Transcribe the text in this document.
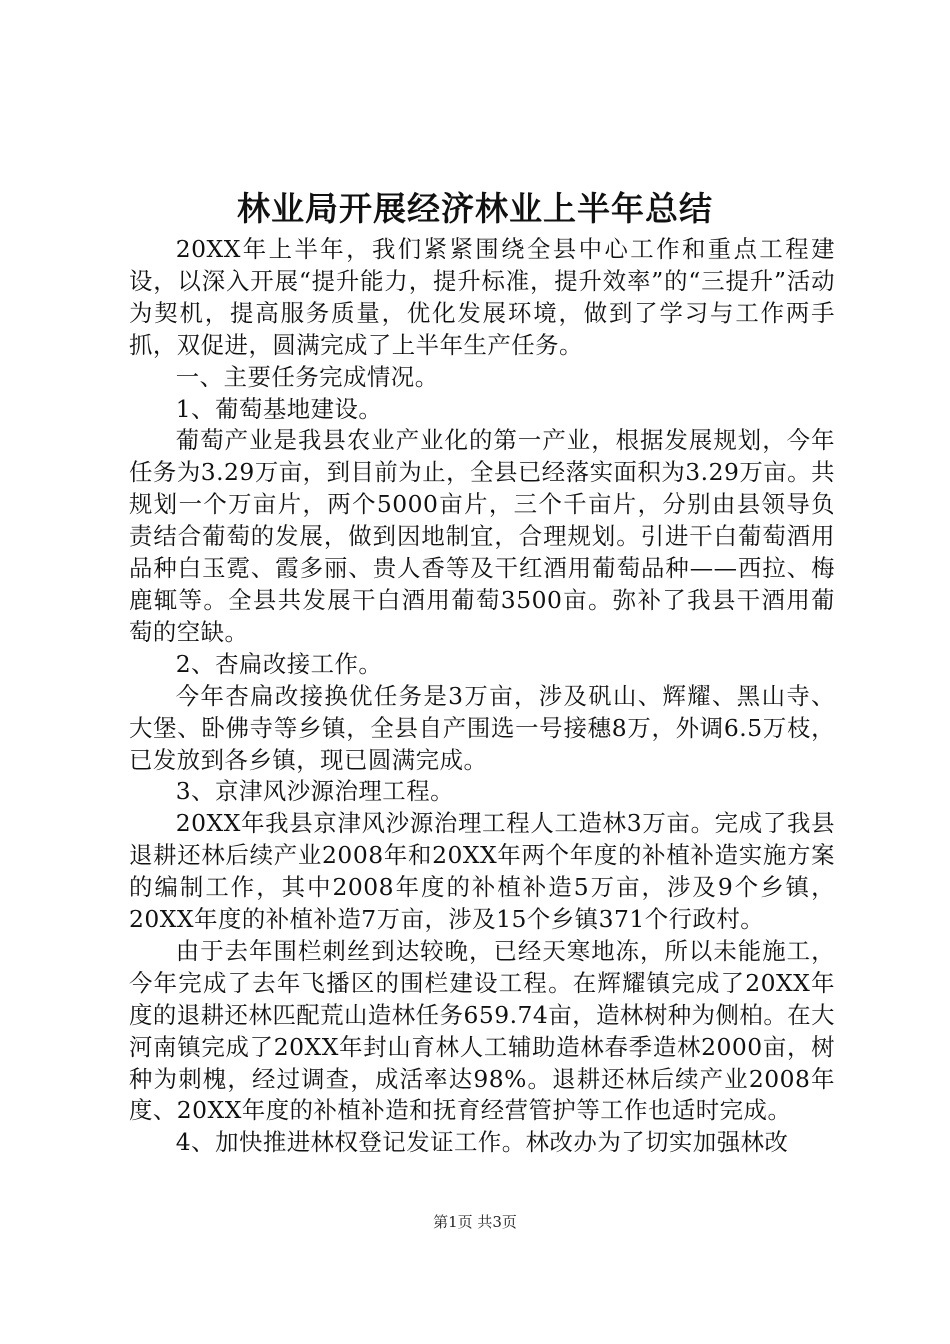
林业局开展经济林业上半年总结

20XX年上半年，我们紧紧围绕全县中心工作和重点工程建设，以深入开展“提升能力，提升标准，提升效率”的“三提升”活动为契机，提高服务质量，优化发展环境，做到了学习与工作两手抓，双促进，圆满完成了上半年生产任务。

一、主要任务完成情况。

1、葡萄基地建设。

葡萄产业是我县农业产业化的第一产业，根据发展规划，今年任务为3.29万亩，到目前为止，全县已经落实面积为3.29万亩。共规划一个万亩片，两个5000亩片，三个千亩片，分别由县领导负责结合葡萄的发展，做到因地制宜，合理规划。引进干白葡萄酒用品种白玉霓、霞多丽、贵人香等及干红酒用葡萄品种——西拉、梅鹿辄等。全县共发展干白酒用葡萄3500亩。弥补了我县干酒用葡萄的空缺。

2、杏扁改接工作。

今年杏扁改接换优任务是3万亩，涉及矾山、辉耀、黑山寺、大堡、卧佛寺等乡镇，全县自产围选一号接穗8万，外调6.5万枝，已发放到各乡镇，现已圆满完成。

3、京津风沙源治理工程。

20XX年我县京津风沙源治理工程人工造林3万亩。完成了我县退耕还林后续产业2008年和20XX年两个年度的补植补造实施方案的编制工作，其中2008年度的补植补造5万亩，涉及9个乡镇，20XX年度的补植补造7万亩，涉及15个乡镇371个行政村。

由于去年围栏刺丝到达较晚，已经天寒地冻，所以未能施工，今年完成了去年飞播区的围栏建设工程。在辉耀镇完成了20XX年度的退耕还林匹配荒山造林任务659.74亩，造林树种为侧柏。在大河南镇完成了20XX年封山育林人工辅助造林春季造林2000亩，树种为刺槐，经过调查，成活率达98%。退耕还林后续产业2008年度、20XX年度的补植补造和抚育经营管护等工作也适时完成。

4、加快推进林权登记发证工作。林改办为了切实加强林改

第1页 共3页
